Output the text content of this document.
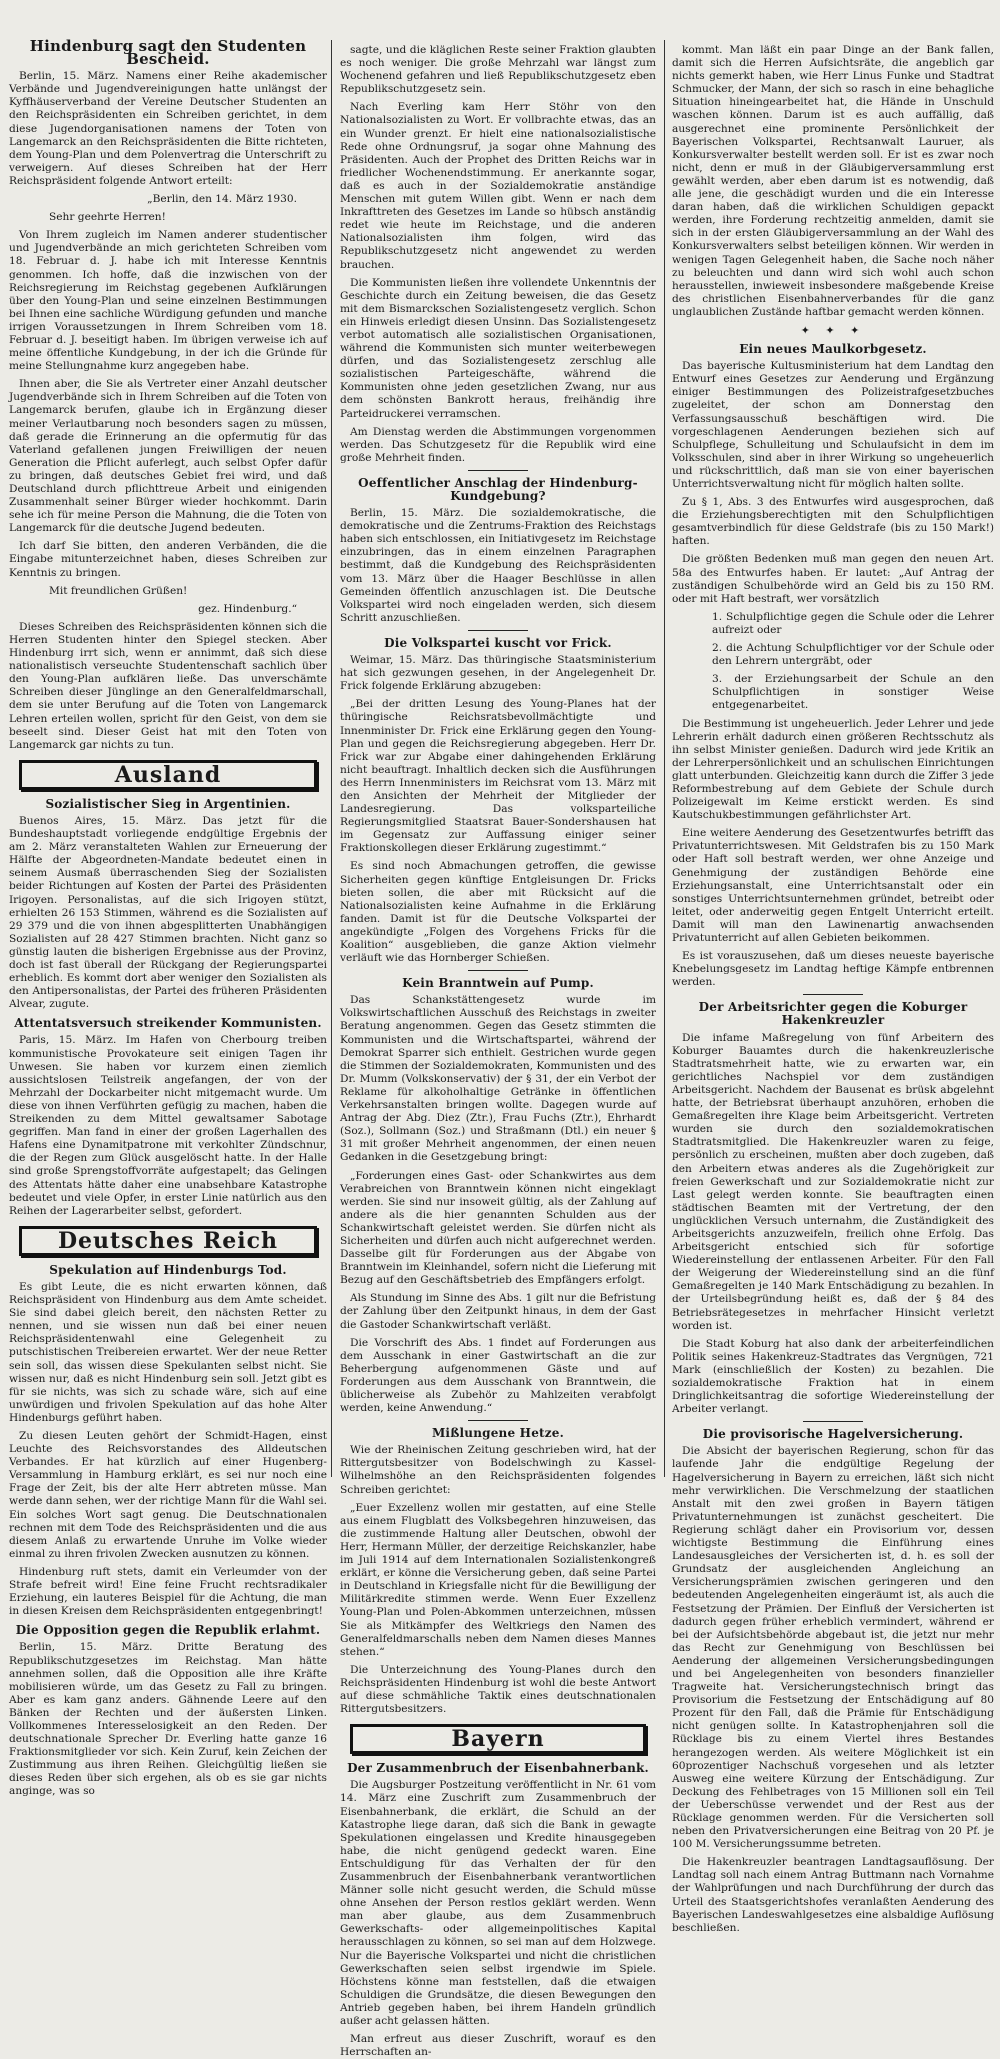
Hindenburg sagt den Studenten Bescheid.

Berlin, 15. März. Namens einer Reihe akademischer Verbände und Jugendvereinigungen hatte unlängst der Kyffhäuserverband der Vereine Deutscher Studenten an den Reichspräsidenten ein Schreiben gerichtet, in dem diese Jugendorganisationen namens der Toten von Langemarck an den Reichspräsidenten die Bitte richteten, dem Young-Plan und dem Polenvertrag die Unterschrift zu verweigern. Auf dieses Schreiben hat der Herr Reichspräsident folgende Antwort erteilt:

„Berlin, den 14. März 1930.

Sehr geehrte Herren!

Von Ihrem zugleich im Namen anderer studentischer und Jugendverbände an mich gerichteten Schreiben vom 18. Februar d. J. habe ich mit Interesse Kenntnis genommen. Ich hoffe, daß die inzwischen von der Reichsregierung im Reichstag gegebenen Aufklärungen über den Young-Plan und seine einzelnen Bestimmungen bei Ihnen eine sachliche Würdigung gefunden und manche irrigen Voraussetzungen in Ihrem Schreiben vom 18. Februar d. J. beseitigt haben. Im übrigen verweise ich auf meine öffentliche Kundgebung, in der ich die Gründe für meine Stellungnahme kurz angegeben habe.

Ihnen aber, die Sie als Vertreter einer Anzahl deutscher Jugendverbände sich in Ihrem Schreiben auf die Toten von Langemarck berufen, glaube ich in Ergänzung dieser meiner Verlautbarung noch besonders sagen zu müssen, daß gerade die Erinnerung an die opfermutig für das Vaterland gefallenen jungen Freiwilligen der neuen Generation die Pflicht auferlegt, auch selbst Opfer dafür zu bringen, daß deutsches Gebiet frei wird, und daß Deutschland durch pflichttreue Arbeit und einigenden Zusammenhalt seiner Bürger wieder hochkommt. Darin sehe ich für meine Person die Mahnung, die die Toten von Langemarck für die deutsche Jugend bedeuten.

Ich darf Sie bitten, den anderen Verbänden, die die Eingabe mitunterzeichnet haben, dieses Schreiben zur Kenntnis zu bringen.

Mit freundlichen Grüßen!

gez. Hindenburg.“

Dieses Schreiben des Reichspräsidenten können sich die Herren Studenten hinter den Spiegel stecken. Aber Hindenburg irrt sich, wenn er annimmt, daß sich diese nationalistisch verseuchte Studentenschaft sachlich über den Young-Plan aufklären ließe. Das unverschämte Schreiben dieser Jünglinge an den Generalfeldmarschall, dem sie unter Berufung auf die Toten von Langemarck Lehren erteilen wollen, spricht für den Geist, von dem sie beseelt sind. Dieser Geist hat mit den Toten von Langemarck gar nichts zu tun.

Ausland
Sozialistischer Sieg in Argentinien.

Buenos Aires, 15. März. Das jetzt für die Bundeshauptstadt vorliegende endgültige Ergebnis der am 2. März veranstalteten Wahlen zur Erneuerung der Hälfte der Abgeordneten-Mandate bedeutet einen in seinem Ausmaß überraschenden Sieg der Sozialisten beider Richtungen auf Kosten der Partei des Präsidenten Irigoyen. Personalistas, auf die sich Irigoyen stützt, erhielten 26 153 Stimmen, während es die Sozialisten auf 29 379 und die von ihnen abgesplitterten Unabhängigen Sozialisten auf 28 427 Stimmen brachten. Nicht ganz so günstig lauten die bisherigen Ergebnisse aus der Provinz, doch ist fast überall der Rückgang der Regierungspartei erheblich. Es kommt dort aber weniger den Sozialisten als den Antipersonalistas, der Partei des früheren Präsidenten Alvear, zugute.

Attentatsversuch streikender Kommunisten.

Paris, 15. März. Im Hafen von Cherbourg treiben kommunistische Provokateure seit einigen Tagen ihr Unwesen. Sie haben vor kurzem einen ziemlich aussichtslosen Teilstreik angefangen, der von der Mehrzahl der Dockarbeiter nicht mitgemacht wurde. Um diese von ihnen Verführten gefügig zu machen, haben die Streikenden zu dem Mittel gewaltsamer Sabotage gegriffen. Man fand in einer der großen Lagerhallen des Hafens eine Dynamitpatrone mit verkohlter Zündschnur, die der Regen zum Glück ausgelöscht hatte. In der Halle sind große Sprengstoffvorräte aufgestapelt; das Gelingen des Attentats hätte daher eine unabsehbare Katastrophe bedeutet und viele Opfer, in erster Linie natürlich aus den Reihen der Lagerarbeiter selbst, gefordert.

Deutsches Reich
Spekulation auf Hindenburgs Tod.

Es gibt Leute, die es nicht erwarten können, daß Reichspräsident von Hindenburg aus dem Amte scheidet. Sie sind dabei gleich bereit, den nächsten Retter zu nennen, und sie wissen nun daß bei einer neuen Reichspräsidentenwahl eine Gelegenheit zu putschistischen Treibereien erwartet. Wer der neue Retter sein soll, das wissen diese Spekulanten selbst nicht. Sie wissen nur, daß es nicht Hindenburg sein soll. Jetzt gibt es für sie nichts, was sich zu schade wäre, sich auf eine unwürdigen und frivolen Spekulation auf das hohe Alter Hindenburgs geführt haben.

Zu diesen Leuten gehört der Schmidt-Hagen, einst Leuchte des Reichsvorstandes des Alldeutschen Verbandes. Er hat kürzlich auf einer Hugenberg-Versammlung in Hamburg erklärt, es sei nur noch eine Frage der Zeit, bis der alte Herr abtreten müsse. Man werde dann sehen, wer der richtige Mann für die Wahl sei. Ein solches Wort sagt genug. Die Deutschnationalen rechnen mit dem Tode des Reichspräsidenten und die aus diesem Anlaß zu erwartende Unruhe im Volke wieder einmal zu ihren frivolen Zwecken ausnutzen zu können.

Hindenburg ruft stets, damit ein Verleumder von der Strafe befreit wird! Eine feine Frucht rechtsradikaler Erziehung, ein lauteres Beispiel für die Achtung, die man in diesen Kreisen dem Reichspräsidenten entgegenbringt!

Die Opposition gegen die Republik erlahmt.

Berlin, 15. März. Dritte Beratung des Republikschutzgesetzes im Reichstag. Man hätte annehmen sollen, daß die Opposition alle ihre Kräfte mobilisieren würde, um das Gesetz zu Fall zu bringen. Aber es kam ganz anders. Gähnende Leere auf den Bänken der Rechten und der äußersten Linken. Vollkommenes Interesselosigkeit an den Reden. Der deutschnationale Sprecher Dr. Everling hatte ganze 16 Fraktionsmitglieder vor sich. Kein Zuruf, kein Zeichen der Zustimmung aus ihren Reihen. Gleichgültig ließen sie dieses Reden über sich ergehen, als ob es sie gar nichts anginge, was so

sagte, und die kläglichen Reste seiner Fraktion glaubten es noch weniger. Die große Mehrzahl war längst zum Wochenend gefahren und ließ Republikschutzgesetz eben Republikschutzgesetz sein.

Nach Everling kam Herr Stöhr von den Nationalsozialisten zu Wort. Er vollbrachte etwas, das an ein Wunder grenzt. Er hielt eine nationalsozialistische Rede ohne Ordnungsruf, ja sogar ohne Mahnung des Präsidenten. Auch der Prophet des Dritten Reichs war in friedlicher Wochenendstimmung. Er anerkannte sogar, daß es auch in der Sozialdemokratie anständige Menschen mit gutem Willen gibt. Wenn er nach dem Inkrafttreten des Gesetzes im Lande so hübsch anständig redet wie heute im Reichstage, und die anderen Nationalsozialisten ihm folgen, wird das Republikschutzgesetz nicht angewendet zu werden brauchen.

Die Kommunisten ließen ihre vollendete Unkenntnis der Geschichte durch ein Zeitung beweisen, die das Gesetz mit dem Bismarckschen Sozialistengesetz verglich. Schon ein Hinweis erledigt diesen Unsinn. Das Sozialistengesetz verbot automatisch alle sozialistischen Organisationen, während die Kommunisten sich munter weiterbewegen dürfen, und das Sozialistengesetz zerschlug alle sozialistischen Parteigeschäfte, während die Kommunisten ohne jeden gesetzlichen Zwang, nur aus dem schönsten Bankrott heraus, freihändig ihre Parteidruckerei verramschen.

Am Dienstag werden die Abstimmungen vorgenommen werden. Das Schutzgesetz für die Republik wird eine große Mehrheit finden.

Oeffentlicher Anschlag der Hindenburg-Kundgebung?

Berlin, 15. März. Die sozialdemokratische, die demokratische und die Zentrums-Fraktion des Reichstags haben sich entschlossen, ein Initiativgesetz im Reichstage einzubringen, das in einem einzelnen Paragraphen bestimmt, daß die Kundgebung des Reichspräsidenten vom 13. März über die Haager Beschlüsse in allen Gemeinden öffentlich anzuschlagen ist. Die Deutsche Volkspartei wird noch eingeladen werden, sich diesem Schritt anzuschließen.

Die Volkspartei kuscht vor Frick.

Weimar, 15. März. Das thüringische Staatsministerium hat sich gezwungen gesehen, in der Angelegenheit Dr. Frick folgende Erklärung abzugeben:

„Bei der dritten Lesung des Young-Planes hat der thüringische Reichsratsbevollmächtigte und Innenminister Dr. Frick eine Erklärung gegen den Young-Plan und gegen die Reichsregierung abgegeben. Herr Dr. Frick war zur Abgabe einer dahingehenden Erklärung nicht beauftragt. Inhaltlich decken sich die Ausführungen des Herrn Innenministers im Reichsrat vom 13. März mit den Ansichten der Mehrheit der Mitglieder der Landesregierung. Das volksparteiliche Regierungsmitglied Staatsrat Bauer-Sondershausen hat im Gegensatz zur Auffassung einiger seiner Fraktionskollegen dieser Erklärung zugestimmt.“

Es sind noch Abmachungen getroffen, die gewisse Sicherheiten gegen künftige Entgleisungen Dr. Fricks bieten sollen, die aber mit Rücksicht auf die Nationalsozialisten keine Aufnahme in die Erklärung fanden. Damit ist für die Deutsche Volkspartei der angekündigte „Folgen des Vorgehens Fricks für die Koalition“ ausgeblieben, die ganze Aktion vielmehr verläuft wie das Hornberger Schießen.

Kein Branntwein auf Pump.

Das Schankstättengesetz wurde im Volkswirtschaftlichen Ausschuß des Reichstags in zweiter Beratung angenommen. Gegen das Gesetz stimmten die Kommunisten und die Wirtschaftspartei, während der Demokrat Sparrer sich enthielt. Gestrichen wurde gegen die Stimmen der Sozialdemokraten, Kommunisten und des Dr. Mumm (Volkskonservativ) der § 31, der ein Verbot der Reklame für alkoholhaltige Getränke in öffentlichen Verkehrsanstalten bringen wollte. Dagegen wurde auf Antrag der Abg. Diez (Ztr.), Frau Fuchs (Ztr.), Ehrhardt (Soz.), Sollmann (Soz.) und Straßmann (Dtl.) ein neuer § 31 mit großer Mehrheit angenommen, der einen neuen Gedanken in die Gesetzgebung bringt:

„Forderungen eines Gast- oder Schankwirtes aus dem Verabreichen von Branntwein können nicht eingeklagt werden. Sie sind nur insoweit gültig, als der Zahlung auf andere als die hier genannten Schulden aus der Schankwirtschaft geleistet werden. Sie dürfen nicht als Sicherheiten und dürfen auch nicht aufgerechnet werden. Dasselbe gilt für Forderungen aus der Abgabe von Branntwein im Kleinhandel, sofern nicht die Lieferung mit Bezug auf den Geschäftsbetrieb des Empfängers erfolgt.

Als Stundung im Sinne des Abs. 1 gilt nur die Befristung der Zahlung über den Zeitpunkt hinaus, in dem der Gast die Gastoder Schankwirtschaft verläßt.

Die Vorschrift des Abs. 1 findet auf Forderungen aus dem Ausschank in einer Gastwirtschaft an die zur Beherbergung aufgenommenen Gäste und auf Forderungen aus dem Ausschank von Branntwein, die üblicherweise als Zubehör zu Mahlzeiten verabfolgt werden, keine Anwendung.“

Mißlungene Hetze.

Wie der Rheinischen Zeitung geschrieben wird, hat der Rittergutsbesitzer von Bodelschwingh zu Kassel-Wilhelmshöhe an den Reichspräsidenten folgendes Schreiben gerichtet:

„Euer Exzellenz wollen mir gestatten, auf eine Stelle aus einem Flugblatt des Volksbegehren hinzuweisen, das die zustimmende Haltung aller Deutschen, obwohl der Herr, Hermann Müller, der derzeitige Reichskanzler, habe im Juli 1914 auf dem Internationalen Sozialistenkongreß erklärt, er könne die Versicherung geben, daß seine Partei in Deutschland in Kriegsfalle nicht für die Bewilligung der Militärkredite stimmen werde. Wenn Euer Exzellenz Young-Plan und Polen-Abkommen unterzeichnen, müssen Sie als Mitkämpfer des Weltkriegs den Namen des Generalfeldmarschalls neben dem Namen dieses Mannes stehen.“

Die Unterzeichnung des Young-Planes durch den Reichspräsidenten Hindenburg ist wohl die beste Antwort auf diese schmähliche Taktik eines deutschnationalen Rittergutsbesitzers.

Bayern
Der Zusammenbruch der Eisenbahnerbank.

Die Augsburger Postzeitung veröffentlicht in Nr. 61 vom 14. März eine Zuschrift zum Zusammenbruch der Eisenbahnerbank, die erklärt, die Schuld an der Katastrophe liege daran, daß sich die Bank in gewagte Spekulationen eingelassen und Kredite hinausgegeben habe, die nicht genügend gedeckt waren. Eine Entschuldigung für das Verhalten der für den Zusammenbruch der Eisenbahnerbank verantwortlichen Männer solle nicht gesucht werden, die Schuld müsse ohne Ansehen der Person restlos geklärt werden. Wenn man aber glaube, aus dem Zusammenbruch Gewerkschafts- oder allgemeinpolitisches Kapital herausschlagen zu können, so sei man auf dem Holzwege. Nur die Bayerische Volkspartei und nicht die christlichen Gewerkschaften seien selbst irgendwie im Spiele. Höchstens könne man feststellen, daß die etwaigen Schuldigen die Grundsätze, die diesen Bewegungen den Antrieb gegeben haben, bei ihrem Handeln gründlich außer acht gelassen hätten.

Man erfreut aus dieser Zuschrift, worauf es den Herrschaften an-

kommt. Man läßt ein paar Dinge an der Bank fallen, damit sich die Herren Aufsichtsräte, die angeblich gar nichts gemerkt haben, wie Herr Linus Funke und Stadtrat Schmucker, der Mann, der sich so rasch in eine behagliche Situation hineingearbeitet hat, die Hände in Unschuld waschen können. Darum ist es auch auffällig, daß ausgerechnet eine prominente Persönlichkeit der Bayerischen Volkspartei, Rechtsanwalt Lauruer, als Konkursverwalter bestellt werden soll. Er ist es zwar noch nicht, denn er muß in der Gläubigerversammlung erst gewählt werden, aber eben darum ist es notwendig, daß alle jene, die geschädigt wurden und die ein Interesse daran haben, daß die wirklichen Schuldigen gepackt werden, ihre Forderung rechtzeitig anmelden, damit sie sich in der ersten Gläubigerversammlung an der Wahl des Konkursverwalters selbst beteiligen können. Wir werden in wenigen Tagen Gelegenheit haben, die Sache noch näher zu beleuchten und dann wird sich wohl auch schon herausstellen, inwieweit insbesondere maßgebende Kreise des christlichen Eisenbahnerverbandes für die ganz unglaublichen Zustände haftbar gemacht werden können.

✦ ✦ ✦
Ein neues Maulkorbgesetz.

Das bayerische Kultusministerium hat dem Landtag den Entwurf eines Gesetzes zur Aenderung und Ergänzung einiger Bestimmungen des Polizeistrafgesetzbuches zugeleitet, der schon am Donnerstag den Verfassungsausschuß beschäftigen wird. Die vorgeschlagenen Aenderungen beziehen sich auf Schulpflege, Schulleitung und Schulaufsicht in dem im Volksschulen, sind aber in ihrer Wirkung so ungeheuerlich und rückschrittlich, daß man sie von einer bayerischen Unterrichtsverwaltung nicht für möglich halten sollte.

Zu § 1, Abs. 3 des Entwurfes wird ausgesprochen, daß die Erziehungsberechtigten mit den Schulpflichtigen gesamtverbindlich für diese Geldstrafe (bis zu 150 Mark!) haften.

Die größten Bedenken muß man gegen den neuen Art. 58a des Entwurfes haben. Er lautet: „Auf Antrag der zuständigen Schulbehörde wird an Geld bis zu 150 RM. oder mit Haft bestraft, wer vorsätzlich

1. Schulpflichtige gegen die Schule oder die Lehrer aufreizt oder

2. die Achtung Schulpflichtiger vor der Schule oder den Lehrern untergräbt, oder

3. der Erziehungsarbeit der Schule an den Schulpflichtigen in sonstiger Weise entgegenarbeitet.

Die Bestimmung ist ungeheuerlich. Jeder Lehrer und jede Lehrerin erhält dadurch einen größeren Rechtsschutz als ihn selbst Minister genießen. Dadurch wird jede Kritik an der Lehrerpersönlichkeit und an schulischen Einrichtungen glatt unterbunden. Gleichzeitig kann durch die Ziffer 3 jede Reformbestrebung auf dem Gebiete der Schule durch Polizeigewalt im Keime erstickt werden. Es sind Kautschukbestimmungen gefährlichster Art.

Eine weitere Aenderung des Gesetzentwurfes betrifft das Privatunterrichtswesen. Mit Geldstrafen bis zu 150 Mark oder Haft soll bestraft werden, wer ohne Anzeige und Genehmigung der zuständigen Behörde eine Erziehungsanstalt, eine Unterrichtsanstalt oder ein sonstiges Unterrichtsunternehmen gründet, betreibt oder leitet, oder anderweitig gegen Entgelt Unterricht erteilt. Damit will man den Lawinenartig anwachsenden Privatunterricht auf allen Gebieten beikommen.

Es ist vorauszusehen, daß um dieses neueste bayerische Knebelungsgesetz im Landtag heftige Kämpfe entbrennen werden.

Der Arbeitsrichter gegen die Koburger Hakenkreuzler

Die infame Maßregelung von fünf Arbeitern des Koburger Bauamtes durch die hakenkreuzlerische Stadtratsmehrheit hatte, wie zu erwarten war, ein gerichtliches Nachspiel vor dem zuständigen Arbeitsgericht. Nachdem der Bausenat es brüsk abgelehnt hatte, der Betriebsrat überhaupt anzuhören, erhoben die Gemaßregelten ihre Klage beim Arbeitsgericht. Vertreten wurden sie durch den sozialdemokratischen Stadtratsmitglied. Die Hakenkreuzler waren zu feige, persönlich zu erscheinen, mußten aber doch zugeben, daß den Arbeitern etwas anderes als die Zugehörigkeit zur freien Gewerkschaft und zur Sozialdemokratie nicht zur Last gelegt werden konnte. Sie beauftragten einen städtischen Beamten mit der Vertretung, der den unglücklichen Versuch unternahm, die Zuständigkeit des Arbeitsgerichts anzuzweifeln, freilich ohne Erfolg. Das Arbeitsgericht entschied sich für sofortige Wiedereinstellung der entlassenen Arbeiter. Für den Fall der Weigerung der Wiedereinstellung sind an die fünf Gemaßregelten je 140 Mark Entschädigung zu bezahlen. In der Urteilsbegründung heißt es, daß der § 84 des Betriebsrätegesetzes in mehrfacher Hinsicht verletzt worden ist.

Die Stadt Koburg hat also dank der arbeiterfeindlichen Politik seines Hakenkreuz-Stadtrates das Vergnügen, 721 Mark (einschließlich der Kosten) zu bezahlen. Die sozialdemokratische Fraktion hat in einem Dringlichkeitsantrag die sofortige Wiedereinstellung der Arbeiter verlangt.

Die provisorische Hagelversicherung.

Die Absicht der bayerischen Regierung, schon für das laufende Jahr die endgültige Regelung der Hagelversicherung in Bayern zu erreichen, läßt sich nicht mehr verwirklichen. Die Verschmelzung der staatlichen Anstalt mit den zwei großen in Bayern tätigen Privatunternehmungen ist zunächst gescheitert. Die Regierung schlägt daher ein Provisorium vor, dessen wichtigste Bestimmung die Einführung eines Landesausgleiches der Versicherten ist, d. h. es soll der Grundsatz der ausgleichenden Angleichung an Versicherungsprämien zwischen geringeren und den bedeutenden Angelegenheiten eingeräumt ist, als auch die Festsetzung der Prämien. Der Einfluß der Versicherten ist dadurch gegen früher erheblich vermindert, während er bei der Aufsichtsbehörde abgebaut ist, die jetzt nur mehr das Recht zur Genehmigung von Beschlüssen bei Aenderung der allgemeinen Versicherungsbedingungen und bei Angelegenheiten von besonders finanzieller Tragweite hat. Versicherungstechnisch bringt das Provisorium die Festsetzung der Entschädigung auf 80 Prozent für den Fall, daß die Prämie für Entschädigung nicht genügen sollte. In Katastrophenjahren soll die Rücklage bis zu einem Viertel ihres Bestandes herangezogen werden. Als weitere Möglichkeit ist ein 60prozentiger Nachschuß vorgesehen und als letzter Ausweg eine weitere Kürzung der Entschädigung. Zur Deckung des Fehlbetrages von 15 Millionen soll ein Teil der Ueberschüsse verwendet und der Rest aus der Rücklage genommen werden. Für die Versicherten soll neben den Privatversicherungen eine Beitrag von 20 Pf. je 100 M. Versicherungssumme betreten.

Die Hakenkreuzler beantragen Landtagsauflösung. Der Landtag soll nach einem Antrag Buttmann nach Vornahme der Wahlprüfungen und nach Durchführung der durch das Urteil des Staatsgerichtshofes veranlaßten Aenderung des Bayerischen Landeswahlgesetzes eine alsbaldige Auflösung beschließen.
